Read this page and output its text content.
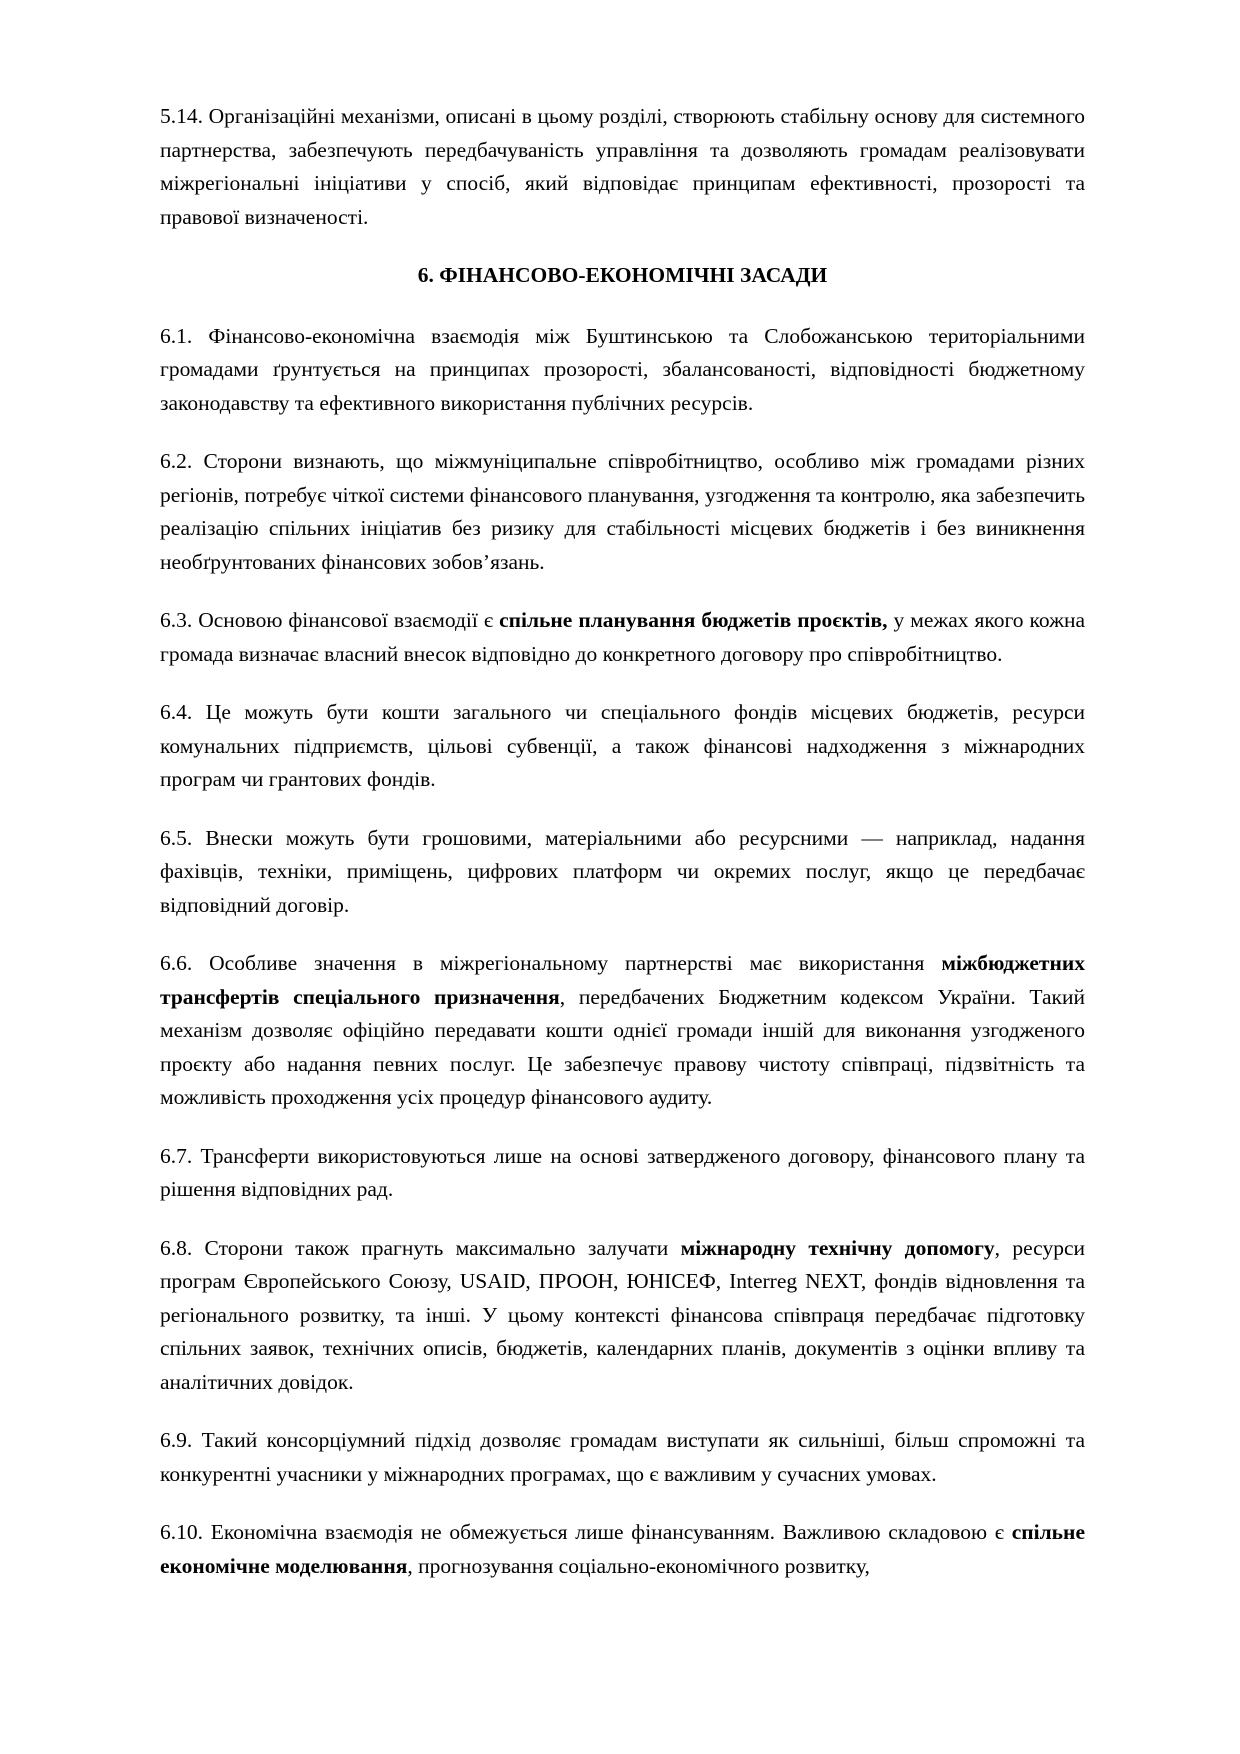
5.14. Організаційні механізми, описані в цьому розділі, створюють стабільну основу для системного партнерства, забезпечують передбачуваність управління та дозволяють громадам реалізовувати міжрегіональні ініціативи у спосіб, який відповідає принципам ефективності, прозорості та правової визначеності.

6. ФІНАНСОВО-ЕКОНОМІЧНІ ЗАСАДИ

6.1. Фінансово-економічна взаємодія між Буштинською та Слобожанською територіальними громадами ґрунтується на принципах прозорості, збалансованості, відповідності бюджетному законодавству та ефективного використання публічних ресурсів.

6.2. Сторони визнають, що міжмуніципальне співробітництво, особливо між громадами різних регіонів, потребує чіткої системи фінансового планування, узгодження та контролю, яка забезпечить реалізацію спільних ініціатив без ризику для стабільності місцевих бюджетів і без виникнення необґрунтованих фінансових зобов’язань.

6.3. Основою фінансової взаємодії є спільне планування бюджетів проєктів, у межах якого кожна громада визначає власний внесок відповідно до конкретного договору про співробітництво.

6.4. Це можуть бути кошти загального чи спеціального фондів місцевих бюджетів, ресурси комунальних підприємств, цільові субвенції, а також фінансові надходження з міжнародних програм чи грантових фондів.

6.5. Внески можуть бути грошовими, матеріальними або ресурсними — наприклад, надання фахівців, техніки, приміщень, цифрових платформ чи окремих послуг, якщо це передбачає відповідний договір.

6.6. Особливе значення в міжрегіональному партнерстві має використання міжбюджетних трансфертів спеціального призначення, передбачених Бюджетним кодексом України. Такий механізм дозволяє офіційно передавати кошти однієї громади іншій для виконання узгодженого проєкту або надання певних послуг. Це забезпечує правову чистоту співпраці, підзвітність та можливість проходження усіх процедур фінансового аудиту.

6.7. Трансферти використовуються лише на основі затвердженого договору, фінансового плану та рішення відповідних рад.

6.8. Сторони також прагнуть максимально залучати міжнародну технічну допомогу, ресурси програм Європейського Союзу, USAID, ПРООН, ЮНІСЕФ, Interreg NEXT, фондів відновлення та регіонального розвитку, та інші. У цьому контексті фінансова співпраця передбачає підготовку спільних заявок, технічних описів, бюджетів, календарних планів, документів з оцінки впливу та аналітичних довідок.

6.9. Такий консорціумний підхід дозволяє громадам виступати як сильніші, більш спроможні та конкурентні учасники у міжнародних програмах, що є важливим у сучасних умовах.

6.10. Економічна взаємодія не обмежується лише фінансуванням. Важливою складовою є спільне економічне моделювання, прогнозування соціально-економічного розвитку,
